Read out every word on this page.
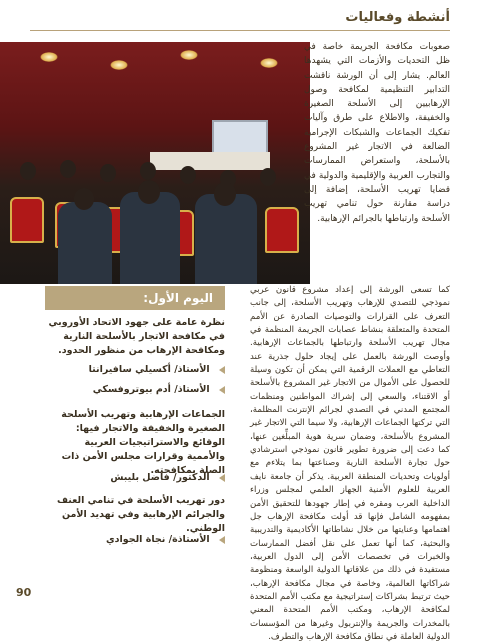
أنشطة وفعاليات
صعوبات مكافحة الجريمة خاصة في ظل التحديات والأزمات التي يشهدها العالم. يشار إلى أن الورشة ناقشت التدابير التنظيمية لمكافحة وصول الإرهابيين إلى الأسلحة الصغيرة والخفيفة، والاطلاع على طرق وآليات تفكيك الجماعات والشبكات الإجرامية الضالعة في الاتجار غير المشروع بالأسلحة، واستعراض الممارسات والتجارب العربية والإقليمية والدولية في قضايا تهريب الأسلحة، إضافة إلى دراسة مقارنة حول تنامي تهريب الأسلحة وارتباطها بالجرائم الإرهابية.
كما تسعى الورشة إلى إعداد مشروع قانون عربي نموذجي للتصدي للإرهاب وتهريب الأسلحة، إلى جانب التعرف على القرارات والتوصيات الصادرة عن الأمم المتحدة والمتعلقة بنشاط عصابات الجريمة المنظمة في مجال تهريب الأسلحة وارتباطها بالجماعات الإرهابية. وأوصت الورشة بالعمل على إيجاد حلول جذرية عند التعاطي مع العملات الرقمية التي يمكن أن تكون وسيلة للحصول على الأموال من الاتجار غير المشروع بالأسلحة أو الاقتناء، والسعي إلى إشراك المواطنين ومنظمات المجتمع المدني في التصدي لجرائم الإنترنت المظلمة، التي تركتها الجماعات الإرهابية، ولا سيما التي الاتجار غير المشروع بالأسلحة، وضمان سرية هوية المبلِّغين عنها، كما دعت إلى ضرورة تطوير قانون نموذجي استرشادي حول تجارة الأسلحة النارية وصناعتها بما يتلاءم مع أولويات وتحديات المنطقة العربية. يذكر أن جامعة نايف العربية للعلوم الأمنية الجهاز العلمي لمجلس وزراء الداخلية العرب ومقره في إطار جهودها للتحقيق الأمن بمفهومه الشامل فإنها قد أولت مكافحة الإرهاب جل اهتمامها وعنايتها من خلال نشاطاتها الأكاديمية والتدريبية والبحثية، كما أنها تعمل على نقل أفضل الممارسات والخبرات في تخصصات الأمن إلى الدول العربية، مستفيدة في ذلك من علاقاتها الدولية الواسعة ومنظومة شراكاتها العالمية، وخاصة في مجال مكافحة الإرهاب، حيث ترتبط بشراكات إستراتيجية مع مكتب الأمم المتحدة لمكافحة الإرهاب، ومكتب الأمم المتحدة المعني بالمخدرات والجريمة والإنتربول وغيرها من المؤسسات الدولية العاملة في نطاق مكافحة الإرهاب والتطرف.
اليوم الأول:
نظرة عامة على جهود الاتحاد الأوروبي في مكافحة الاتجار بالأسلحة النارية ومكافحة الإرهاب من منظور الحدود.
الأستاذ/ أكسيلي سافيرانتا
الأستاذ/ أدم بيوتروفسكي
الجماعات الإرهابية وتهريب الأسلحة الصغيرة والخفيفة والاتجار فيها: الوقائع والاستراتيجيات العربية والأممية وقرارات مجلس الأمن ذات الصلة بمكافحته.
الدكتور/ فاضل بليبش
دور تهريب الأسلحة في تنامي العنف والجرائم الإرهابية وفي تهديد الأمن الوطني.
الأستاذة/ نجاة الجوادي
90
